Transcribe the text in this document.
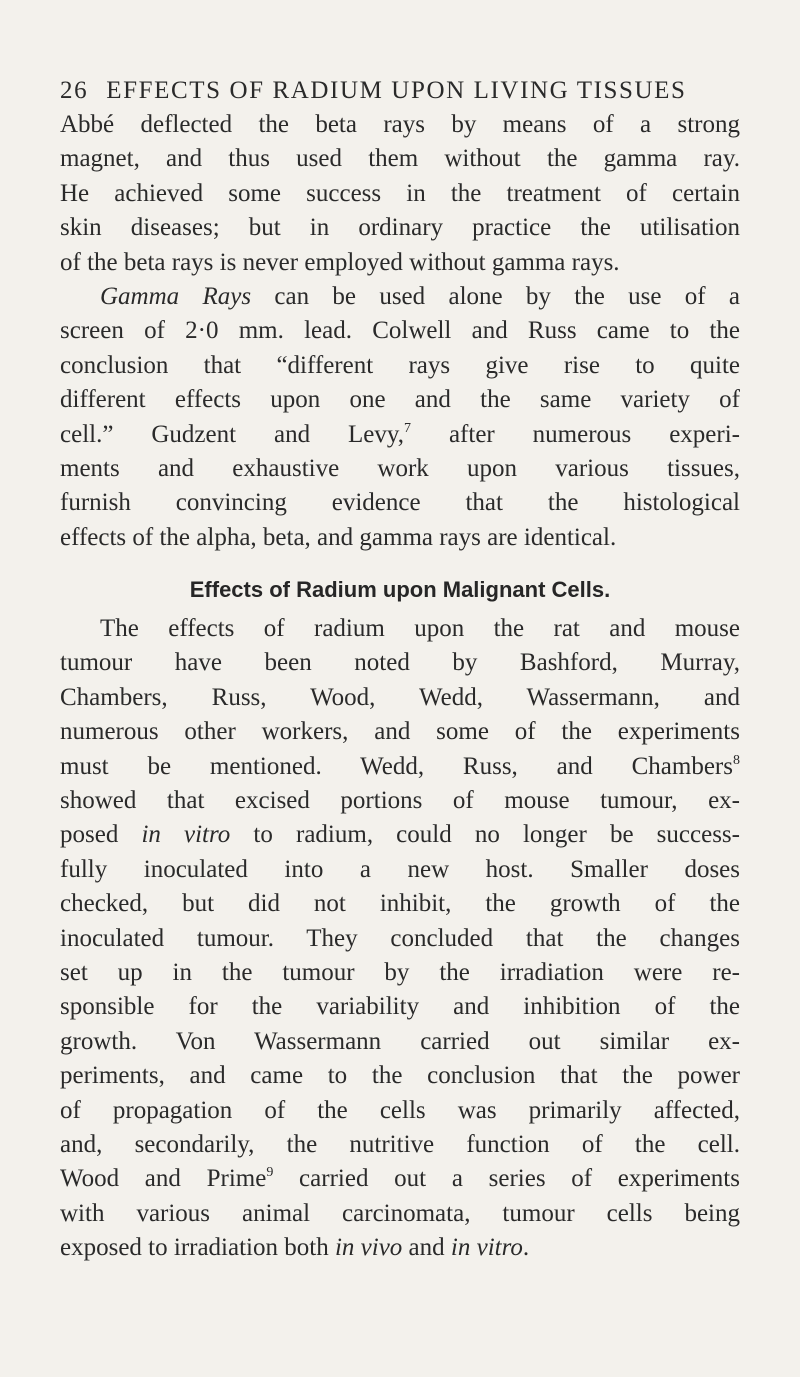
26 EFFECTS OF RADIUM UPON LIVING TISSUES
Abbé deflected the beta rays by means of a strong
magnet, and thus used them without the gamma ray.
He achieved some success in the treatment of certain
skin diseases; but in ordinary practice the utilisation
of the beta rays is never employed without gamma rays.
Gamma Rays can be used alone by the use of a
screen of 2·0 mm. lead. Colwell and Russ came to the
conclusion that “different rays give rise to quite
different effects upon one and the same variety of
cell.” Gudzent and Levy,$^7$ after numerous experi-
ments and exhaustive work upon various tissues,
furnish convincing evidence that the histological
effects of the alpha, beta, and gamma rays are identical.
Effects of Radium upon Malignant Cells.
The effects of radium upon the rat and mouse
tumour have been noted by Bashford, Murray,
Chambers, Russ, Wood, Wedd, Wassermann, and
numerous other workers, and some of the experiments
must be mentioned. Wedd, Russ, and Chambers$^8$
showed that excised portions of mouse tumour, ex-
posed in vitro to radium, could no longer be success-
fully inoculated into a new host. Smaller doses
checked, but did not inhibit, the growth of the
inoculated tumour. They concluded that the changes
set up in the tumour by the irradiation were re-
sponsible for the variability and inhibition of the
growth. Von Wassermann carried out similar ex-
periments, and came to the conclusion that the power
of propagation of the cells was primarily affected,
and, secondarily, the nutritive function of the cell.
Wood and Prime$^9$ carried out a series of experiments
with various animal carcinomata, tumour cells being
exposed to irradiation both in vivo and in vitro.
